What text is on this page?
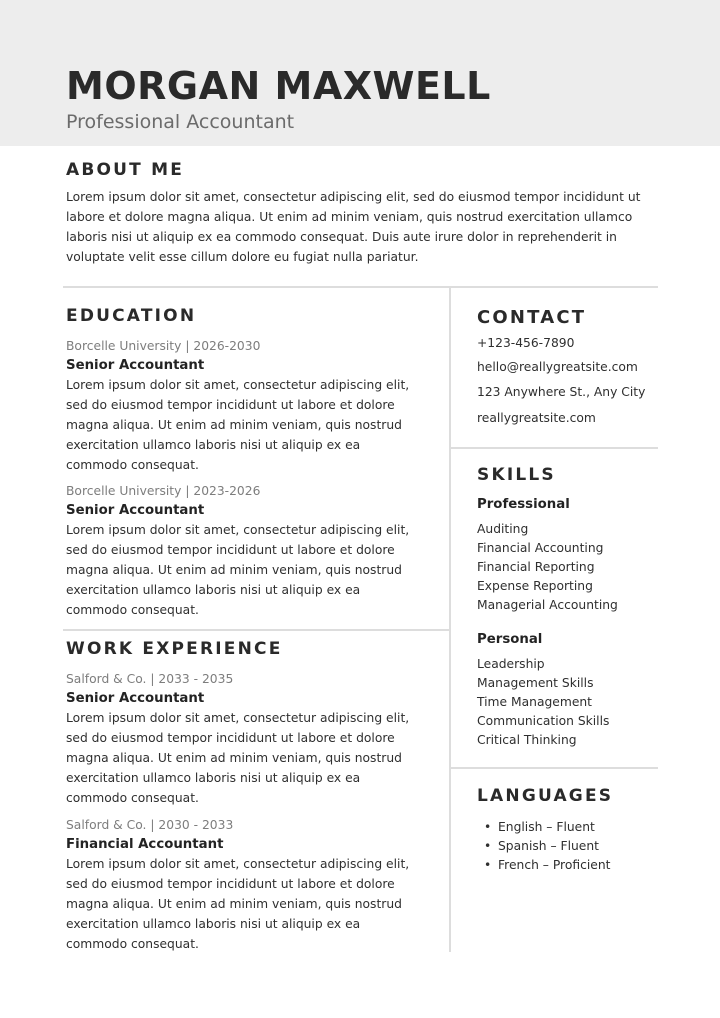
MORGAN MAXWELL
Professional Accountant
ABOUT ME
Lorem ipsum dolor sit amet, consectetur adipiscing elit, sed do eiusmod tempor incididunt ut
labore et dolore magna aliqua. Ut enim ad minim veniam, quis nostrud exercitation ullamco
laboris nisi ut aliquip ex ea commodo consequat. Duis aute irure dolor in reprehenderit in
voluptate velit esse cillum dolore eu fugiat nulla pariatur.
EDUCATION
Borcelle University | 2026-2030
Senior Accountant
Lorem ipsum dolor sit amet, consectetur adipiscing elit,
sed do eiusmod tempor incididunt ut labore et dolore
magna aliqua. Ut enim ad minim veniam, quis nostrud
exercitation ullamco laboris nisi ut aliquip ex ea
commodo consequat.
Borcelle University | 2023-2026
Senior Accountant
Lorem ipsum dolor sit amet, consectetur adipiscing elit,
sed do eiusmod tempor incididunt ut labore et dolore
magna aliqua. Ut enim ad minim veniam, quis nostrud
exercitation ullamco laboris nisi ut aliquip ex ea
commodo consequat.
WORK EXPERIENCE
Salford & Co. | 2033 - 2035
Senior Accountant
Lorem ipsum dolor sit amet, consectetur adipiscing elit,
sed do eiusmod tempor incididunt ut labore et dolore
magna aliqua. Ut enim ad minim veniam, quis nostrud
exercitation ullamco laboris nisi ut aliquip ex ea
commodo consequat.
Salford & Co. | 2030 - 2033
Financial Accountant
Lorem ipsum dolor sit amet, consectetur adipiscing elit,
sed do eiusmod tempor incididunt ut labore et dolore
magna aliqua. Ut enim ad minim veniam, quis nostrud
exercitation ullamco laboris nisi ut aliquip ex ea
commodo consequat.
CONTACT
+123-456-7890
hello@reallygreatsite.com
123 Anywhere St., Any City
reallygreatsite.com
SKILLS
Professional
Auditing
Financial Accounting
Financial Reporting
Expense Reporting
Managerial Accounting
Personal
Leadership
Management Skills
Time Management
Communication Skills
Critical Thinking
LANGUAGES
• English – Fluent
• Spanish – Fluent
• French – Proficient
